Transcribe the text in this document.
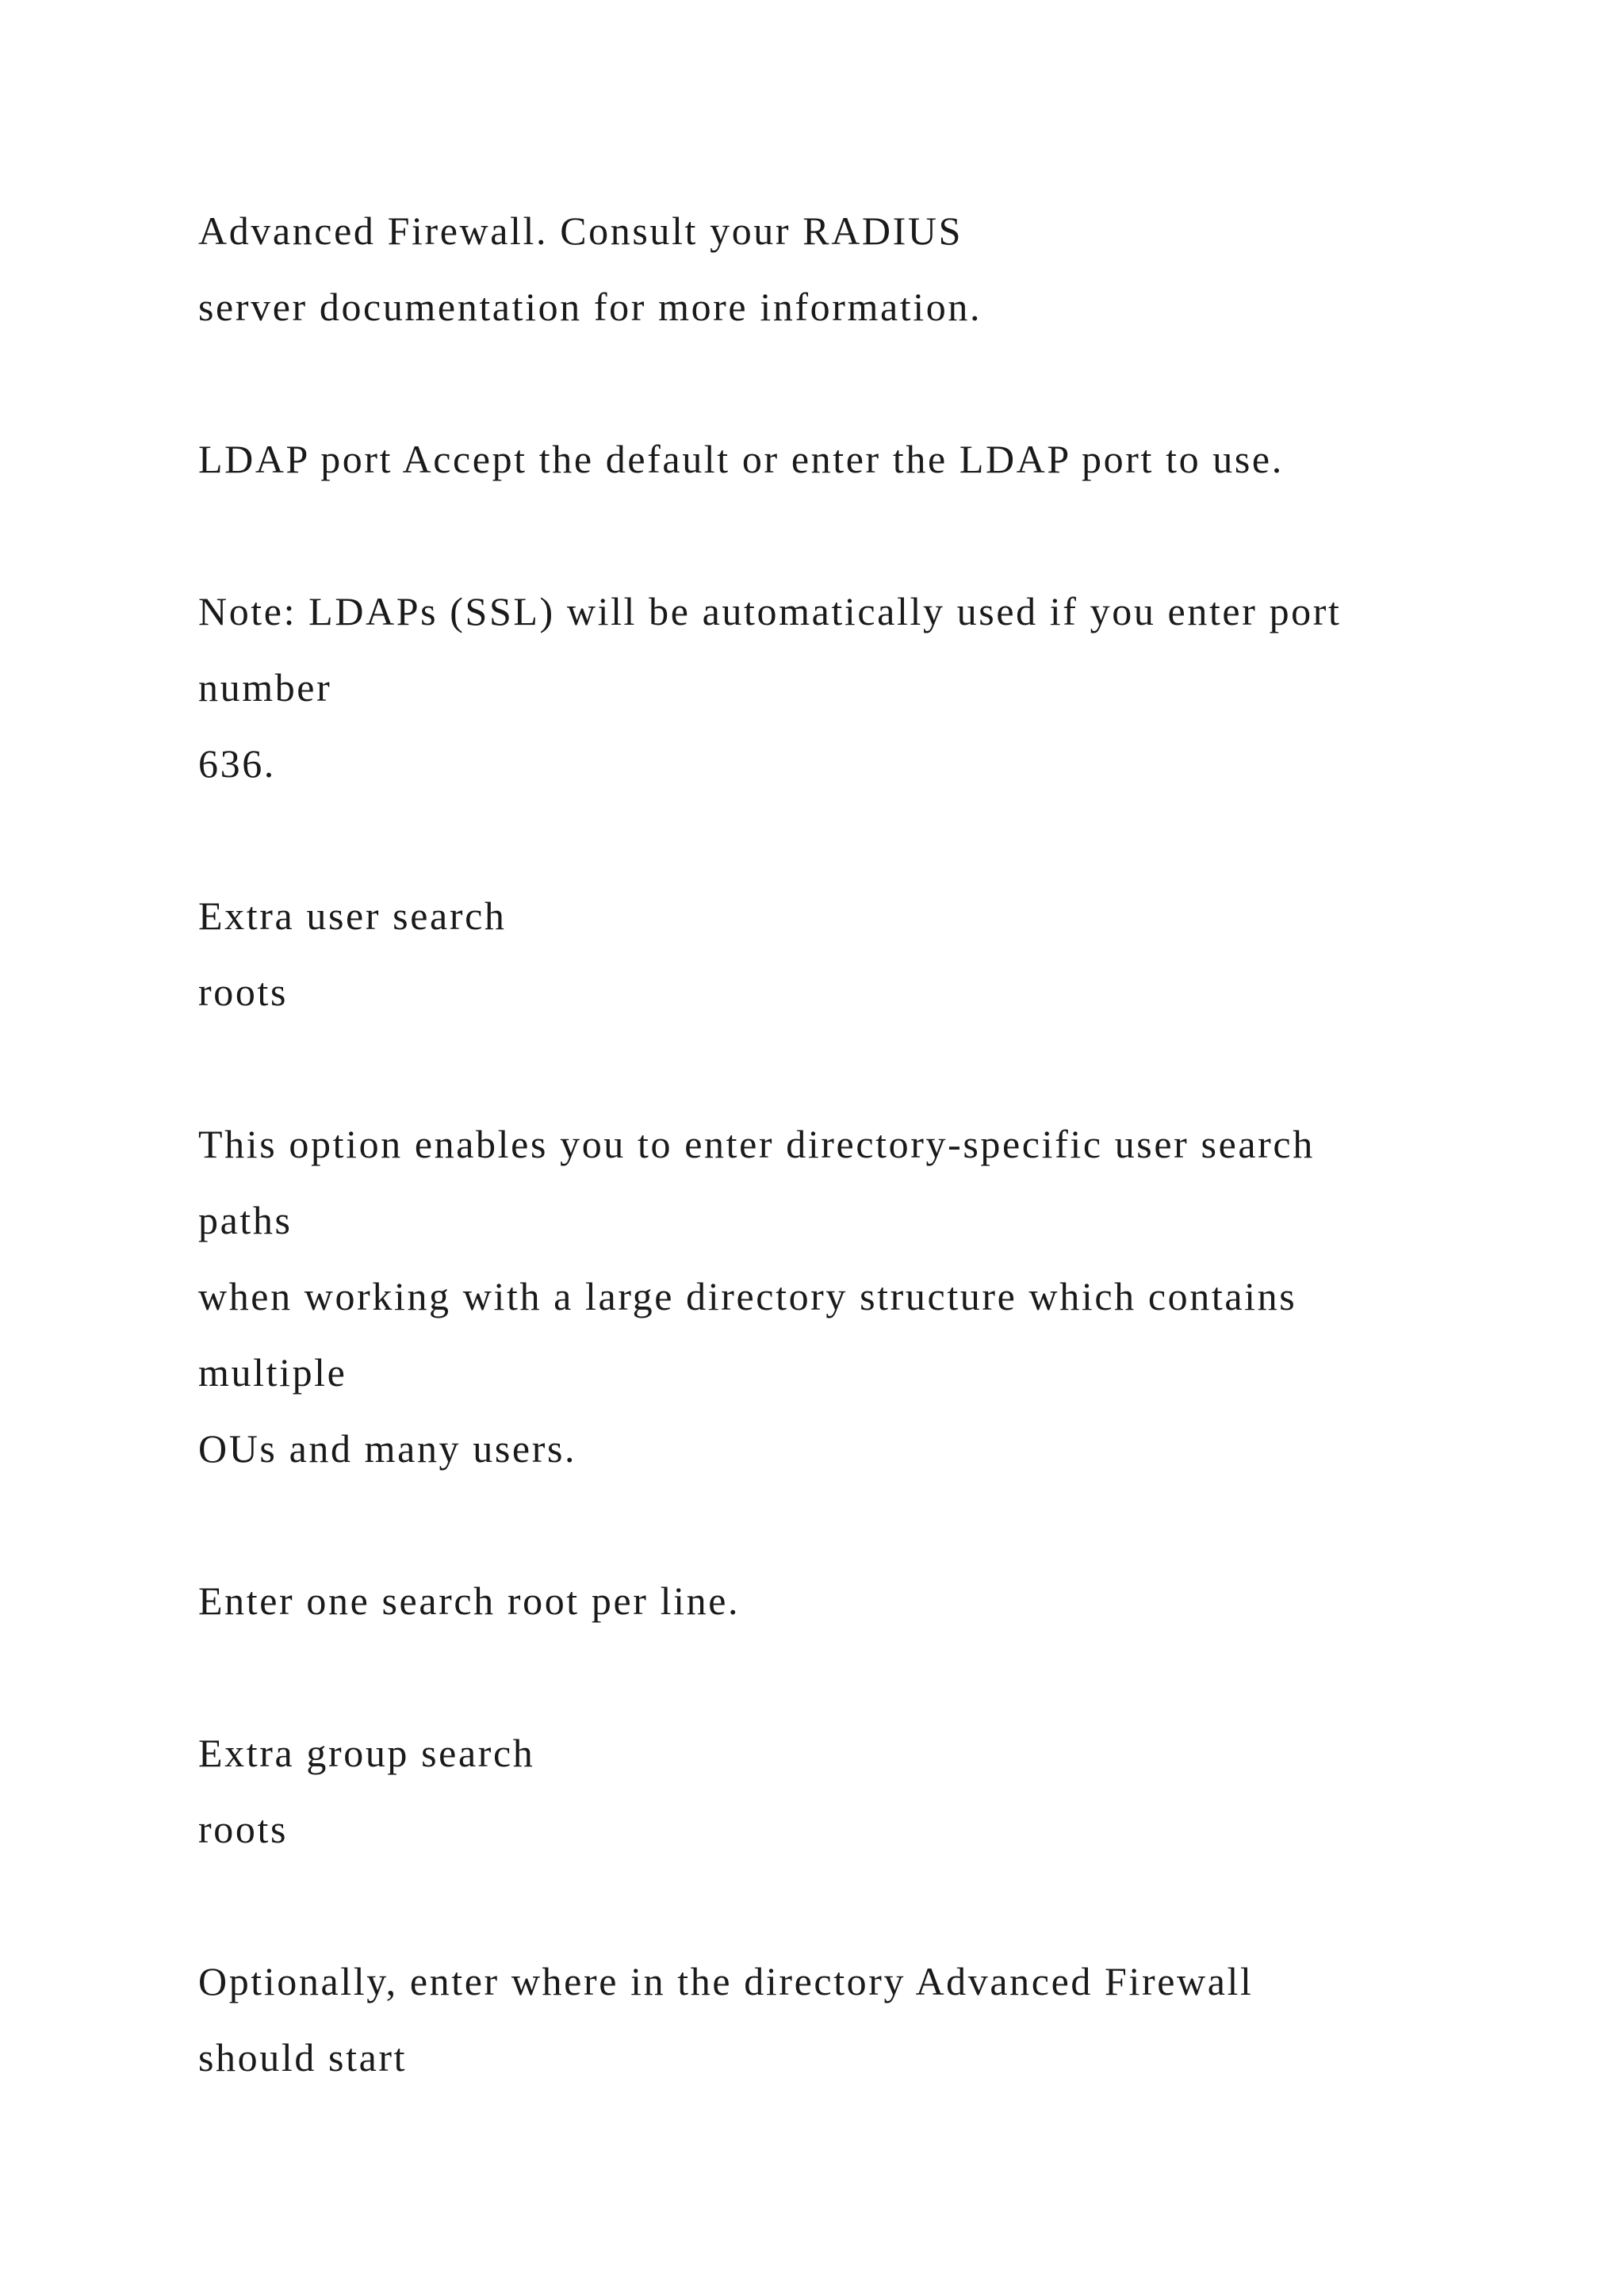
Advanced Firewall. Consult your RADIUS
server documentation for more information.
LDAP port Accept the default or enter the LDAP port to use.
Note: LDAPs (SSL) will be automatically used if you enter port
number
636.
Extra user search
roots
This option enables you to enter directory-specific user search
paths
when working with a large directory structure which contains
multiple
OUs and many users.
Enter one search root per line.
Extra group search
roots
Optionally, enter where in the directory Advanced Firewall
should start
